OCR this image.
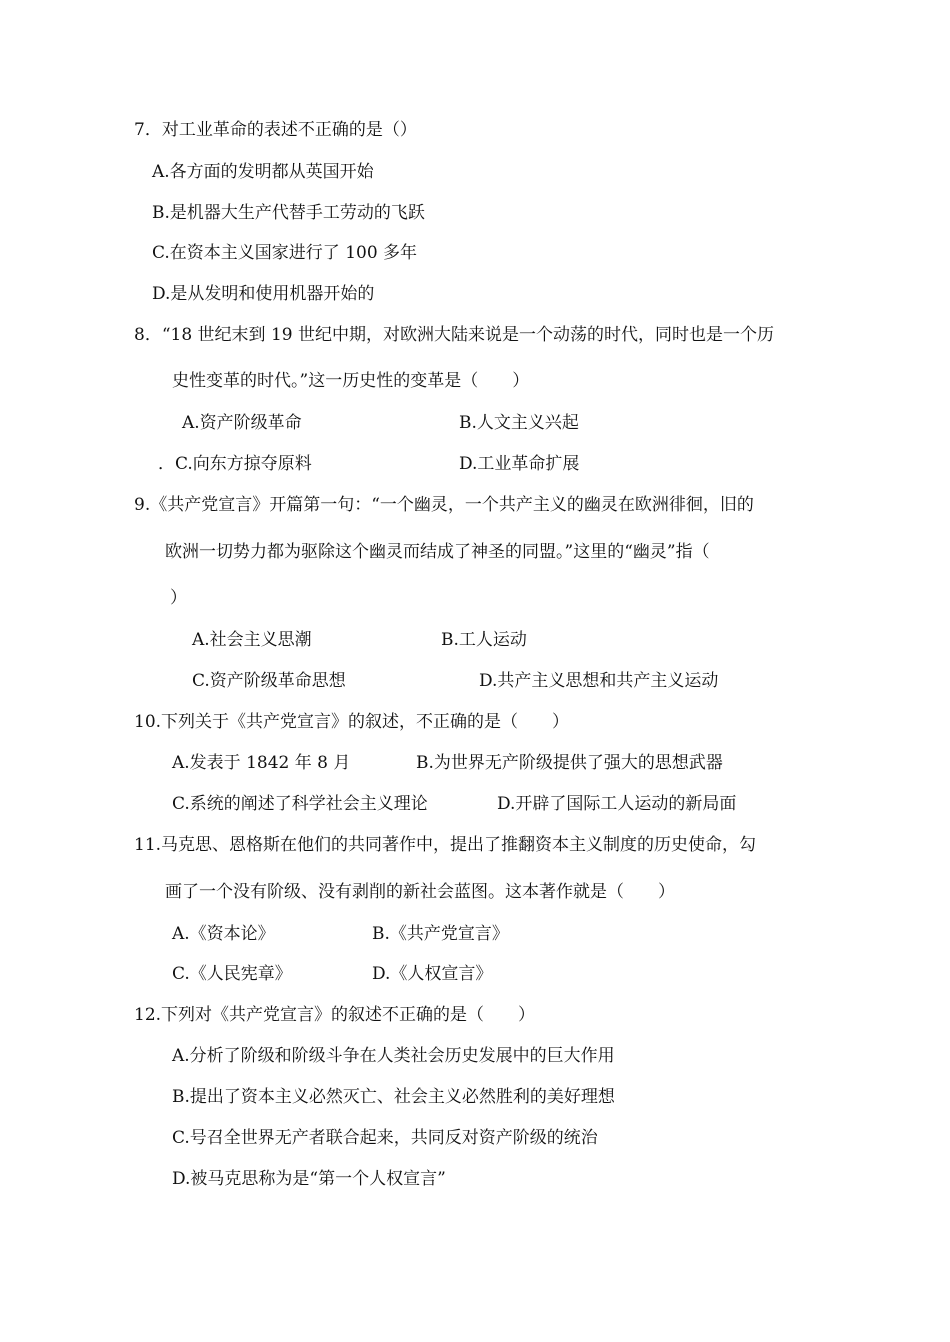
7．对工业革命的表述不正确的是（）
A.各方面的发明都从英国开始
B.是机器大生产代替手工劳动的飞跃
C.在资本主义国家进行了 100 多年
D.是从发明和使用机器开始的
8．“18 世纪末到 19 世纪中期，对欧洲大陆来说是一个动荡的时代，同时也是一个历
史性变革的时代。”这一历史性的变革是（　　）
A.资产阶级革命	B.人文主义兴起
．C.向东方掠夺原料	D.工业革命扩展
9.《共产党宣言》开篇第一句：“一个幽灵，一个共产主义的幽灵在欧洲徘徊，旧的
欧洲一切势力都为驱除这个幽灵而结成了神圣的同盟。”这里的“幽灵”指（
）
A.社会主义思潮	B.工人运动
C.资产阶级革命思想	D.共产主义思想和共产主义运动
10.下列关于《共产党宣言》的叙述，不正确的是（　　）
A.发表于 1842 年 8 月	B.为世界无产阶级提供了强大的思想武器
C.系统的阐述了科学社会主义理论	D.开辟了国际工人运动的新局面
11.马克思、恩格斯在他们的共同著作中，提出了推翻资本主义制度的历史使命，勾
画了一个没有阶级、没有剥削的新社会蓝图。这本著作就是（　　）
A.《资本论》	B.《共产党宣言》
C.《人民宪章》	D.《人权宣言》
12.下列对《共产党宣言》的叙述不正确的是（　　）
A.分析了阶级和阶级斗争在人类社会历史发展中的巨大作用
B.提出了资本主义必然灭亡、社会主义必然胜利的美好理想
C.号召全世界无产者联合起来，共同反对资产阶级的统治
D.被马克思称为是“第一个人权宣言”
